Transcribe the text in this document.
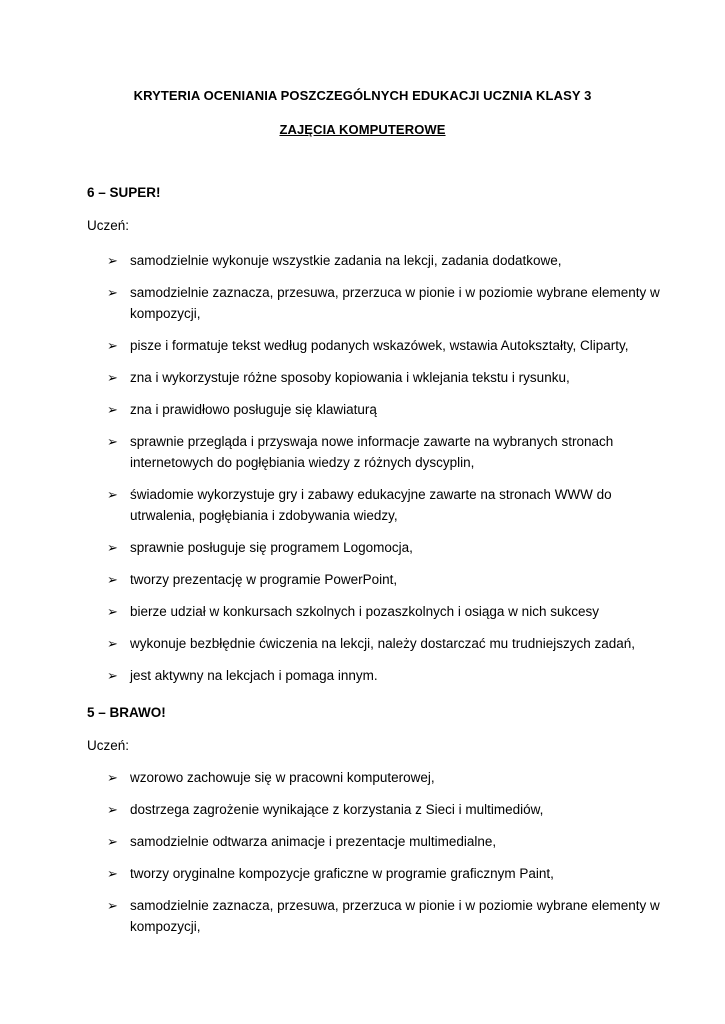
KRYTERIA OCENIANIA POSZCZEGÓLNYCH EDUKACJI UCZNIA KLASY 3
ZAJĘCIA KOMPUTEROWE
6 – SUPER!
Uczeń:
➢ samodzielnie wykonuje wszystkie zadania na lekcji, zadania dodatkowe,
➢ samodzielnie zaznacza, przesuwa, przerzuca w pionie i w poziomie wybrane elementy w kompozycji,
➢ pisze i formatuje tekst według podanych wskazówek, wstawia Autokształty, Cliparty,
➢ zna i wykorzystuje różne sposoby kopiowania i wklejania tekstu i rysunku,
➢ zna i prawidłowo posługuje się klawiaturą
➢ sprawnie przegląda i przyswaja nowe informacje zawarte na wybranych stronach internetowych do pogłębiania wiedzy z różnych dyscyplin,
➢ świadomie wykorzystuje gry i zabawy edukacyjne zawarte na stronach WWW do utrwalenia, pogłębiania i zdobywania wiedzy,
➢ sprawnie posługuje się programem Logomocja,
➢ tworzy prezentację w programie PowerPoint,
➢ bierze udział w konkursach szkolnych i pozaszkolnych i osiąga w nich sukcesy
➢ wykonuje bezbłędnie ćwiczenia na lekcji, należy dostarczać mu trudniejszych zadań,
➢ jest aktywny na lekcjach i pomaga innym.
5 – BRAWO!
Uczeń:
➢ wzorowo zachowuje się w pracowni komputerowej,
➢ dostrzega zagrożenie wynikające z korzystania z Sieci i multimediów,
➢ samodzielnie odtwarza animacje i prezentacje multimedialne,
➢ tworzy oryginalne kompozycje graficzne w programie graficznym Paint,
➢ samodzielnie zaznacza, przesuwa, przerzuca w pionie i w poziomie wybrane elementy w kompozycji,
